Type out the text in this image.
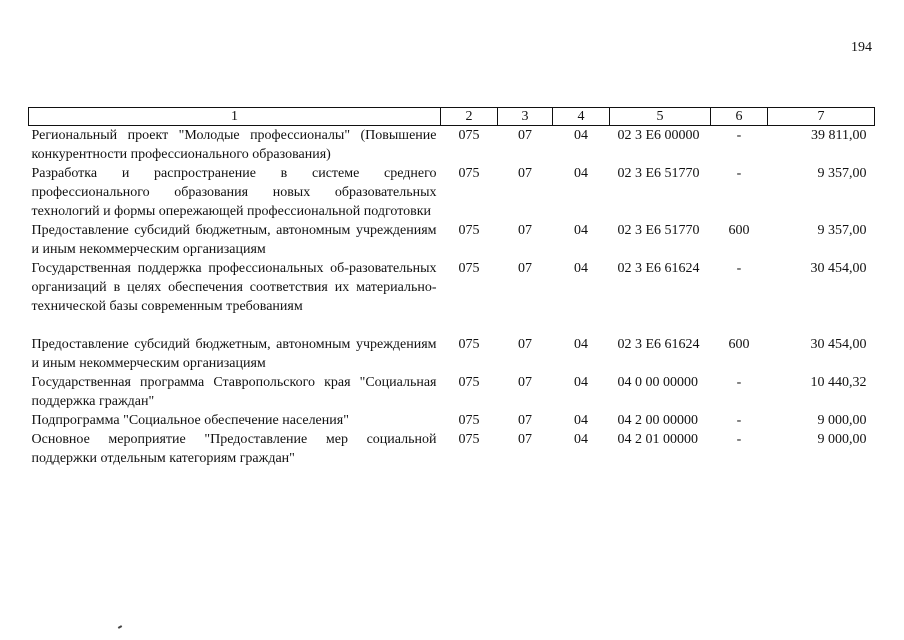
194
1	2	3	4	5	6	7
Региональный проект "Молодые профессионалы" (Повышение конкурентности профессионального образования)	075	07	04	02 3 Е6 00000	-	39 811,00
Разработка и распространение в системе среднего профессионального образования новых образовательных технологий и формы опережающей профессиональной подготовки	075	07	04	02 3 Е6 51770	-	9 357,00
Предоставление субсидий бюджетным, автономным учреждениям и иным некоммерческим организациям	075	07	04	02 3 Е6 51770	600	9 357,00
Государственная поддержка профессиональных об-разовательных организаций в целях обеспечения соответствия их материально-технической базы современным требованиям	075	07	04	02 3 Е6 61624	-	30 454,00

Предоставление субсидий бюджетным, автономным учреждениям и иным некоммерческим организациям	075	07	04	02 3 Е6 61624	600	30 454,00
Государственная программа Ставропольского края "Социальная поддержка граждан"	075	07	04	04 0 00 00000	-	10 440,32
Подпрограмма "Социальное обеспечение населения"	075	07	04	04 2 00 00000	-	9 000,00
Основное мероприятие "Предоставление мер социальной поддержки отдельным категориям граждан"	075	07	04	04 2 01 00000	-	9 000,00
